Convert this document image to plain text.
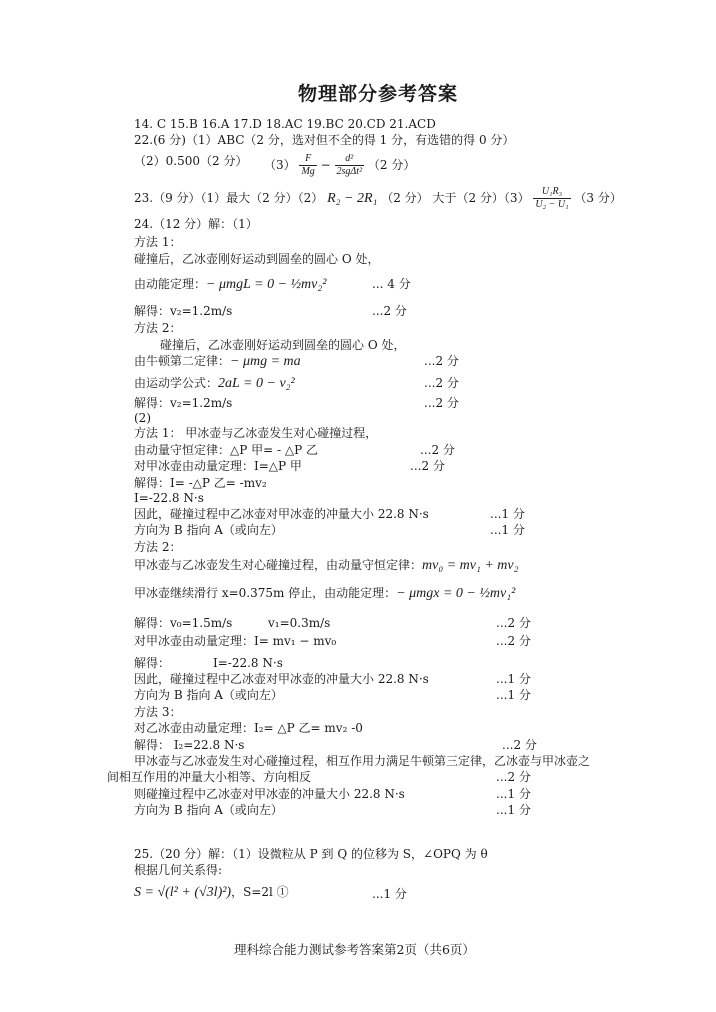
物理部分参考答案
14. C 15.B 16.A 17.D 18.AC 19.BC 20.CD 21.ACD
22.(6 分)（1）ABC（2 分，选对但不全的得 1 分，有选错的得 0 分）
（2）0.500（2 分） $(3) \frac{F}{Mg} - \frac{\text{d²}}{\text{2sgΔt²}} (2$ 分）
23.（9 分）（1）最大（2 分）（2） R₂ − 2R₁ （2 分） 大于（2 分）$(3) \frac{\text{U₁R₃}}{\text{U₂ − U₁}} (3$ 分）
24.（12 分）解：（1）
方法 1：
碰撞后，乙冰壶刚好运动到圆垒的圆心 O 处，
由动能定理：− μmgL = 0 − ½mv₂²	... 4 分
解得：v₂=1.2m/s	...2 分
方法 2：
碰撞后，乙冰壶刚好运动到圆垒的圆心 O 处，
由牛顿第二定律：− μmg = ma	...2 分
由运动学公式：2aL = 0 − v₂²	...2 分
解得：v₂=1.2m/s	...2 分
(2)
方法 1： 甲冰壶与乙冰壶发生对心碰撞过程，
由动量守恒定律：△P 甲= - △P 乙	...2 分
对甲冰壶由动量定理：I=△P 甲	...2 分
解得：I= -△P 乙= -mv₂
I=-22.8 N·s
因此，碰撞过程中乙冰壶对甲冰壶的冲量大小 22.8 N·s	...1 分
方向为 B 指向 A（或向左）	...1 分
方法 2：
甲冰壶与乙冰壶发生对心碰撞过程，由动量守恒定律：mv₀ = mv₁ + mv₂
甲冰壶继续滑行 x=0.375m 停止，由动能定理：− μmgx = 0 − ½mv₁²
解得：v₀=1.5m/s	v₁=0.3m/s	...2 分
对甲冰壶由动量定理：I= mv₁ − mv₀	...2 分
解得：	I=-22.8 N·s
因此，碰撞过程中乙冰壶对甲冰壶的冲量大小 22.8 N·s	...1 分
方向为 B 指向 A（或向左）	...1 分
方法 3：
对乙冰壶由动量定理：I₂= △P 乙= mv₂ -0
解得： I₂=22.8 N·s	...2 分
甲冰壶与乙冰壶发生对心碰撞过程，相互作用力满足牛顿第三定律，乙冰壶与甲冰壶之
间相互作用的冲量大小相等、方向相反	...2 分
则碰撞过程中乙冰壶对甲冰壶的冲量大小 22.8 N·s	...1 分
方向为 B 指向 A（或向左）	...1 分
25.（20 分）解：（1）设微粒从 P 到 Q 的位移为 S，∠OPQ 为 θ
根据几何关系得:
S = √(l² + (√3l)²)，S=2l ①	...1 分
理科综合能力测试参考答案第2页（共6页）
